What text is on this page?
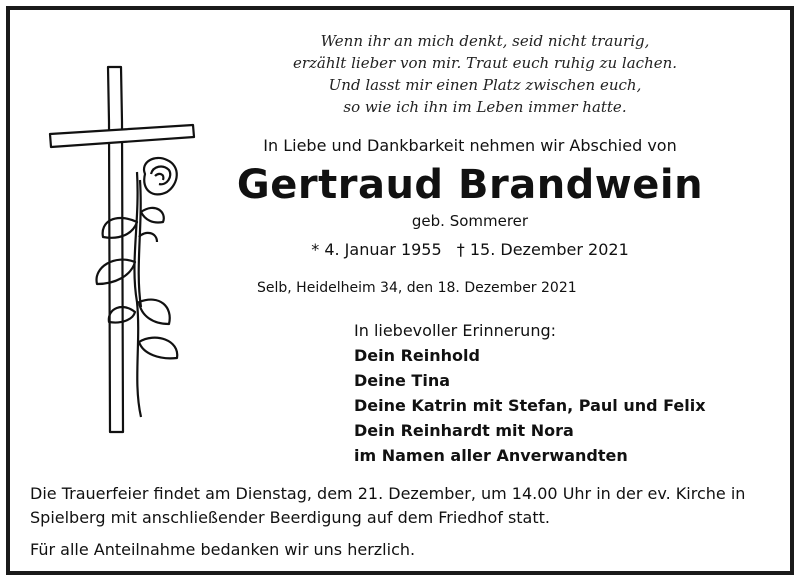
Wenn ihr an mich denkt, seid nicht traurig,
erzählt lieber von mir. Traut euch ruhig zu lachen.
Und lasst mir einen Platz zwischen euch,
so wie ich ihn im Leben immer hatte.
In Liebe und Dankbarkeit nehmen wir Abschied von
Gertraud Brandwein
geb. Sommerer
* 4. Januar 1955 † 15. Dezember 2021
Selb, Heidelheim 34, den 18. Dezember 2021
In liebevoller Erinnerung:
Dein Reinhold
Deine Tina
Deine Katrin mit Stefan, Paul und Felix
Dein Reinhardt mit Nora
im Namen aller Anverwandten

Die Trauerfeier findet am Dienstag, dem 21. Dezember, um 14.00 Uhr in der ev. Kirche in Spielberg mit anschließender Beerdigung auf dem Friedhof statt.

Für alle Anteilnahme bedanken wir uns herzlich.
